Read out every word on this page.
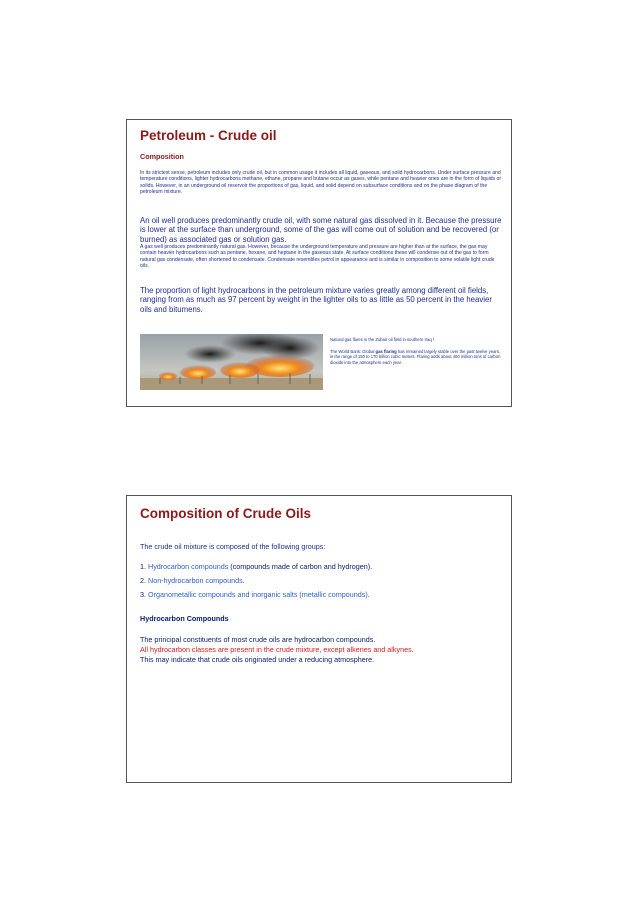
Petroleum - Crude oil
Composition
In its strictest sense, petroleum includes only crude oil, but in common usage it includes all liquid, gaseous, and solid hydrocarbons. Under surface pressure and temperature conditions, lighter hydrocarbons methane, ethane, propane and butane occur as gases, while pentane and heavier ones are in the form of liquids or solids. However, in an underground oil reservoir the proportions of gas, liquid, and solid depend on subsurface conditions and on the phase diagram of the petroleum mixture.
An oil well produces predominantly crude oil, with some natural gas dissolved in it. Because the pressure is lower at the surface than underground, some of the gas will come out of solution and be recovered (or burned) as associated gas or solution gas.
A gas well produces predominantly natural gas. However, because the underground temperature and pressure are higher than at the surface, the gas may contain heavier hydrocarbons such as pentane, hexane, and heptane in the gaseous state. At surface conditions these will condense out of the gas to form natural gas condensate, often shortened to condensate. Condensate resembles petrol in appearance and is similar in composition to some volatile light crude oils.
The proportion of light hydrocarbons in the petroleum mixture varies greatly among different oil fields, ranging from as much as 97 percent by weight in the lighter oils to as little as 50 percent in the heavier oils and bitumens.
Natural gas flares in the Zubair oil field in southern Iraq /
The World Bank: Global gas flaring has remained largely stable over the past twelve years, in the range of 150 to 170 billion cubic meters. Flaring adds about 400 million tons of carbon dioxide into the atmosphere each year.
Composition of Crude Oils
The crude oil mixture is composed of the following groups:
1. Hydrocarbon compounds (compounds made of carbon and hydrogen).
2. Non-hydrocarbon compounds.
3. Organometallic compounds and inorganic salts (metallic compounds).
Hydrocarbon Compounds
The principal constituents of most crude oils are hydrocarbon compounds.
All hydrocarbon classes are present in the crude mixture, except alkenes and alkynes.
This may indicate that crude oils originated under a reducing atmosphere.
